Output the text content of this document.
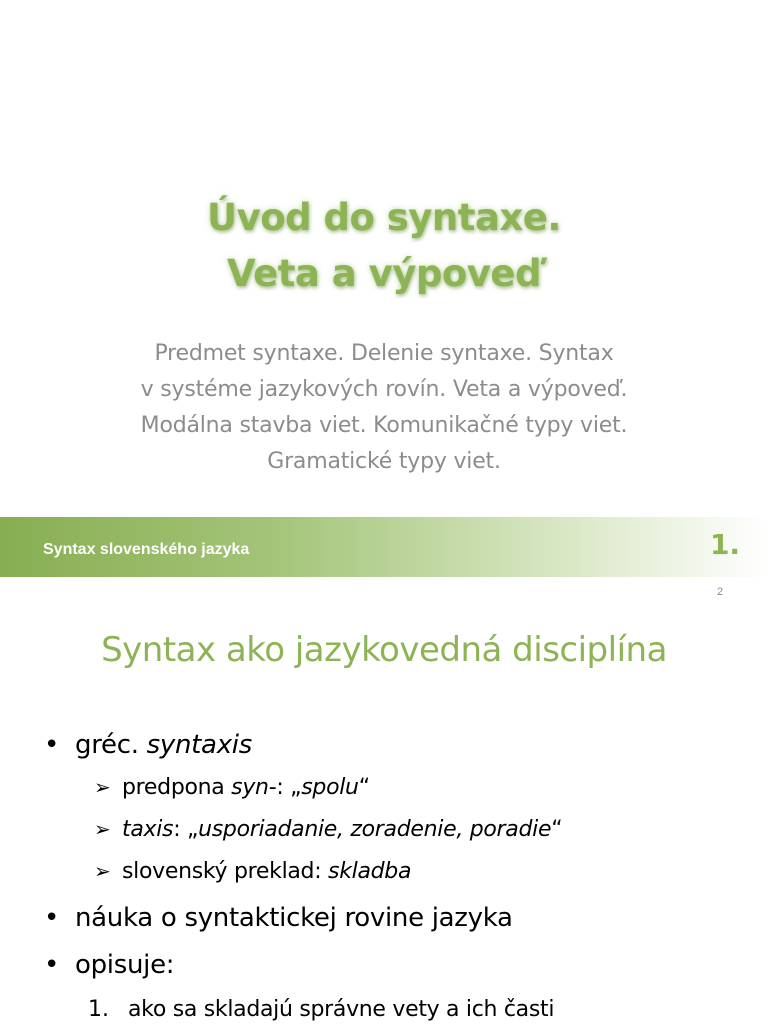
Úvod do syntaxe.
Veta a výpoveď
Predmet syntaxe. Delenie syntaxe. Syntax
v systéme jazykových rovín. Veta a výpoveď.
Modálna stavba viet. Komunikačné typy viet.
Gramatické typy viet.
Syntax slovenského jazyka	1.
2
Syntax ako jazykovedná disciplína
• gréc. syntaxis
➢ predpona syn-: „spolu“
➢ taxis: „usporiadanie, zoradenie, poradie“
➢ slovenský preklad: skladba
• náuka o syntaktickej rovine jazyka
• opisuje:
1. ako sa skladajú správne vety a ich časti
